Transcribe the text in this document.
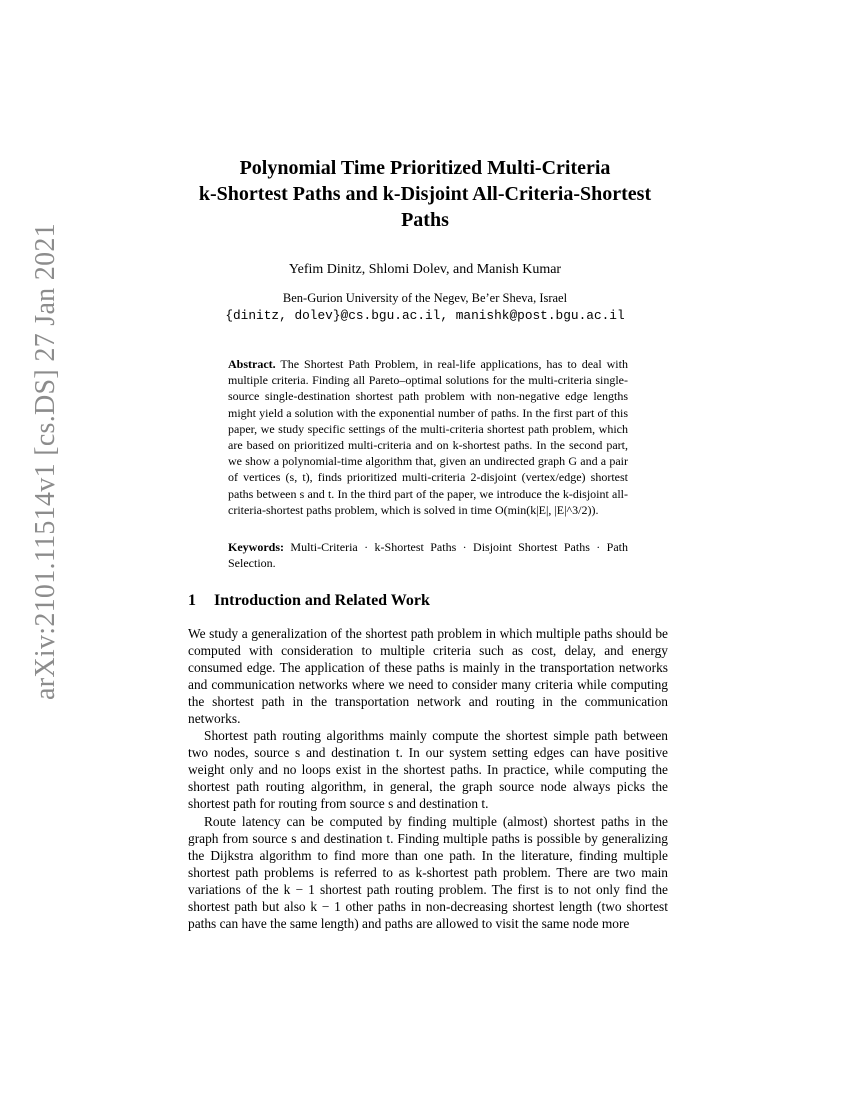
arXiv:2101.11514v1 [cs.DS] 27 Jan 2021
Polynomial Time Prioritized Multi-Criteria
k-Shortest Paths and k-Disjoint All-Criteria-Shortest
Paths
Yefim Dinitz, Shlomi Dolev, and Manish Kumar
Ben-Gurion University of the Negev, Be’er Sheva, Israel
{dinitz, dolev}@cs.bgu.ac.il, manishk@post.bgu.ac.il
Abstract. The Shortest Path Problem, in real-life applications, has to deal with multiple criteria. Finding all Pareto–optimal solutions for the multi-criteria single-source single-destination shortest path problem with non-negative edge lengths might yield a solution with the exponential number of paths. In the first part of this paper, we study specific settings of the multi-criteria shortest path problem, which are based on prioritized multi-criteria and on k-shortest paths. In the second part, we show a polynomial-time algorithm that, given an undirected graph G and a pair of vertices (s, t), finds prioritized multi-criteria 2-disjoint (vertex/edge) shortest paths between s and t. In the third part of the paper, we introduce the k-disjoint all-criteria-shortest paths problem, which is solved in time O(min(k|E|, |E|^3/2)).
Keywords: Multi-Criteria · k-Shortest Paths · Disjoint Shortest Paths · Path Selection.
1 Introduction and Related Work

We study a generalization of the shortest path problem in which multiple paths should be computed with consideration to multiple criteria such as cost, delay, and energy consumed edge. The application of these paths is mainly in the transportation networks and communication networks where we need to consider many criteria while computing the shortest path in the transportation network and routing in the communication networks.

Shortest path routing algorithms mainly compute the shortest simple path between two nodes, source s and destination t. In our system setting edges can have positive weight only and no loops exist in the shortest paths. In practice, while computing the shortest path routing algorithm, in general, the graph source node always picks the shortest path for routing from source s and destination t.

Route latency can be computed by finding multiple (almost) shortest paths in the graph from source s and destination t. Finding multiple paths is possible by generalizing the Dijkstra algorithm to find more than one path. In the literature, finding multiple shortest path problems is referred to as k-shortest path problem. There are two main variations of the k − 1 shortest path routing problem. The first is to not only find the shortest path but also k − 1 other paths in non-decreasing shortest length (two shortest paths can have the same length) and paths are allowed to visit the same node more
